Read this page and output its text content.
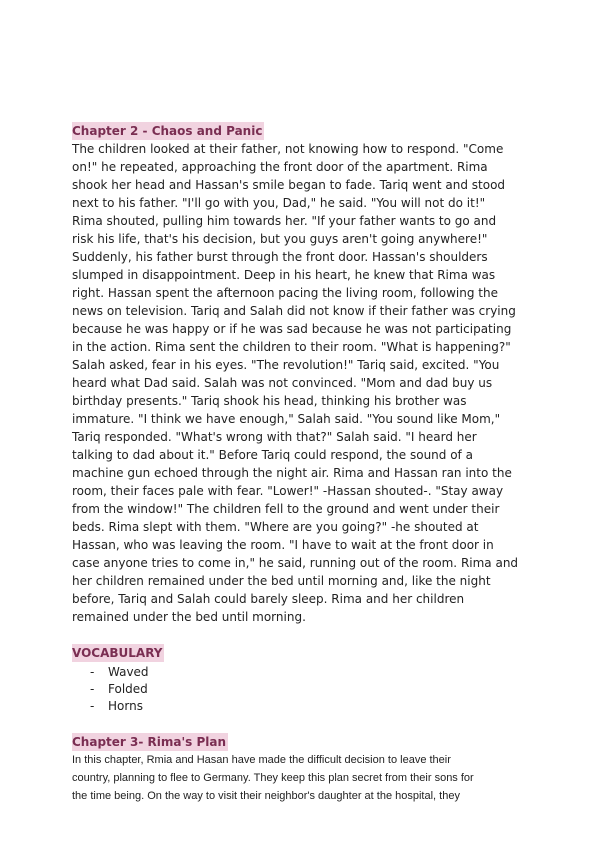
Chapter 2 - Chaos and Panic

The children looked at their father, not knowing how to respond. "Come
on!" he repeated, approaching the front door of the apartment. Rima
shook her head and Hassan's smile began to fade. Tariq went and stood
next to his father. "I'll go with you, Dad," he said. "You will not do it!"
Rima shouted, pulling him towards her. "If your father wants to go and
risk his life, that's his decision, but you guys aren't going anywhere!"
Suddenly, his father burst through the front door. Hassan's shoulders
slumped in disappointment. Deep in his heart, he knew that Rima was
right. Hassan spent the afternoon pacing the living room, following the
news on television. Tariq and Salah did not know if their father was crying
because he was happy or if he was sad because he was not participating
in the action. Rima sent the children to their room. "What is happening?"
Salah asked, fear in his eyes. "The revolution!" Tariq said, excited. "You
heard what Dad said. Salah was not convinced. "Mom and dad buy us
birthday presents." Tariq shook his head, thinking his brother was
immature. "I think we have enough," Salah said. "You sound like Mom,"
Tariq responded. "What's wrong with that?" Salah said. "I heard her
talking to dad about it." Before Tariq could respond, the sound of a
machine gun echoed through the night air. Rima and Hassan ran into the
room, their faces pale with fear. "Lower!" -Hassan shouted-. "Stay away
from the window!" The children fell to the ground and went under their
beds. Rima slept with them. "Where are you going?" -he shouted at
Hassan, who was leaving the room. "I have to wait at the front door in
case anyone tries to come in," he said, running out of the room. Rima and
her children remained under the bed until morning and, like the night
before, Tariq and Salah could barely sleep. Rima and her children
remained under the bed until morning.

VOCABULARY
-	Waved
-	Folded
-	Horns
Chapter 3- Rima's Plan

In this chapter, Rmia and Hasan have made the difficult decision to leave their
country, planning to flee to Germany. They keep this plan secret from their sons for
the time being. On the way to visit their neighbor's daughter at the hospital, they
